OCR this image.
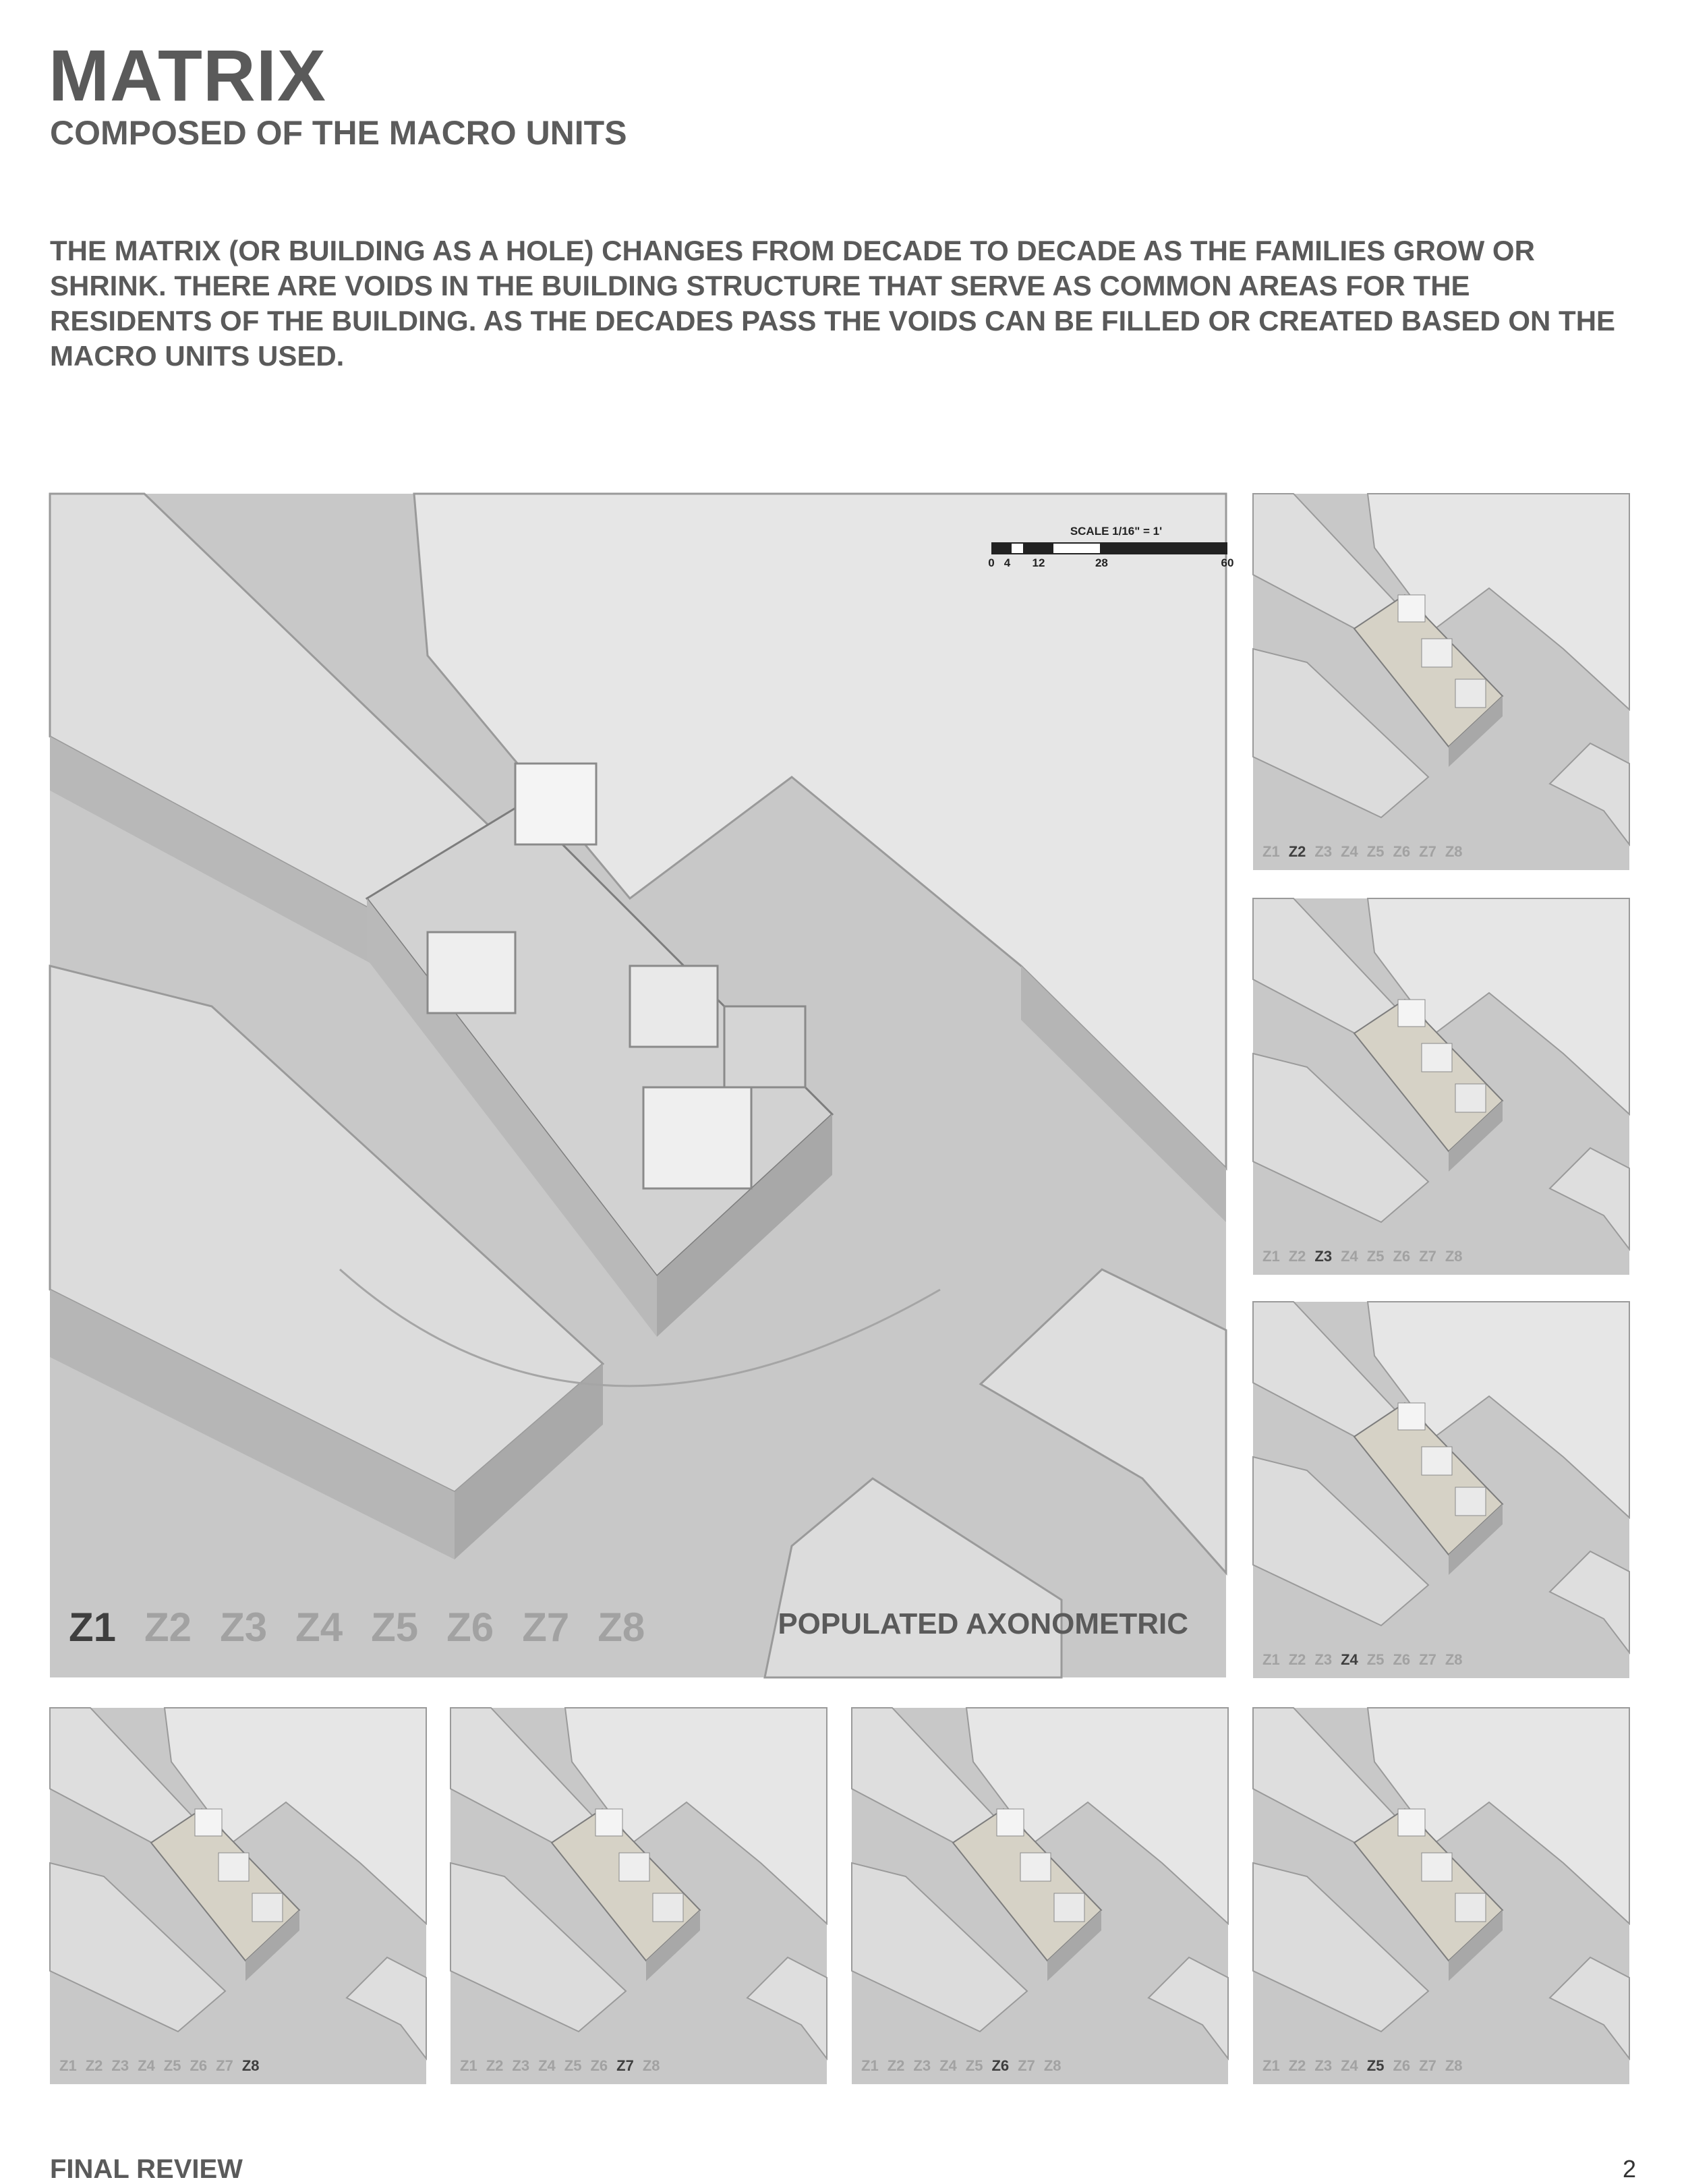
MATRIX
COMPOSED OF THE MACRO UNITS

THE MATRIX (OR BUILDING AS A HOLE) CHANGES FROM DECADE TO DECADE AS THE FAMILIES GROW OR SHRINK. THERE ARE VOIDS IN THE BUILDING STRUCTURE THAT SERVE AS COMMON AREAS FOR THE RESIDENTS OF THE BUILDING. AS THE DECADES PASS THE VOIDS CAN BE FILLED OR CREATED BASED ON THE MACRO UNITS USED.

SCALE 1/16" = 1'
0 4 12	28	60
Z1 Z2 Z3 Z4 Z5 Z6 Z7 Z8	POPULATED AXONOMETRIC
Z1 Z2 Z3 Z4 Z5 Z6 Z7 Z8
Z1 Z2 Z3 Z4 Z5 Z6 Z7 Z8
Z1 Z2 Z3 Z4 Z5 Z6 Z7 Z8
Z1 Z2 Z3 Z4 Z5 Z6 Z7 Z8	Z1 Z2 Z3 Z4 Z5 Z6 Z7 Z8	Z1 Z2 Z3 Z4 Z5 Z6 Z7 Z8	Z1 Z2 Z3 Z4 Z5 Z6 Z7 Z8
FINAL REVIEW	2
